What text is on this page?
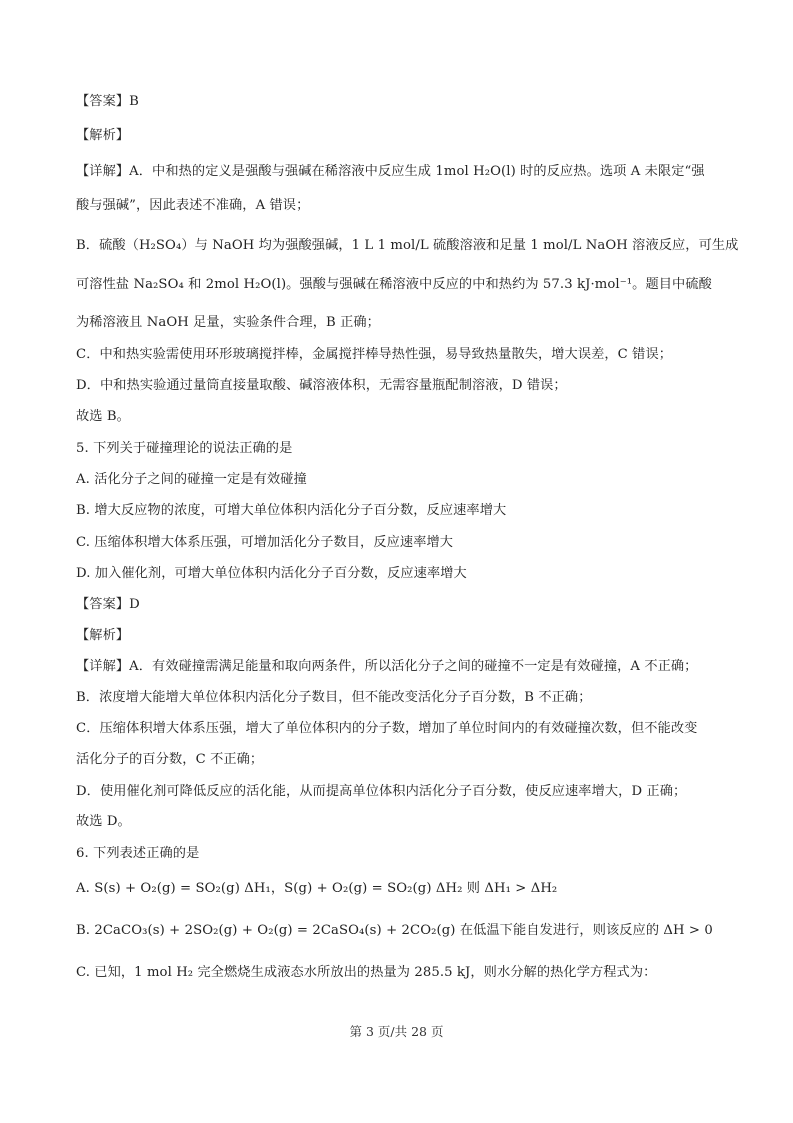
【答案】B
【解析】
【详解】A．中和热的定义是强酸与强碱在稀溶液中反应生成 1mol H₂O(l) 时的反应热。选项 A 未限定“强
酸与强碱”，因此表述不准确，A 错误；
B．硫酸（H₂SO₄）与 NaOH 均为强酸强碱，1 L 1 mol/L 硫酸溶液和足量 1 mol/L NaOH 溶液反应，可生成
可溶性盐 Na₂SO₄ 和 2mol H₂O(l)。强酸与强碱在稀溶液中反应的中和热约为 57.3 kJ·mol⁻¹。题目中硫酸
为稀溶液且 NaOH 足量，实验条件合理，B 正确；
C．中和热实验需使用环形玻璃搅拌棒，金属搅拌棒导热性强，易导致热量散失，增大误差，C 错误；
D．中和热实验通过量筒直接量取酸、碱溶液体积，无需容量瓶配制溶液，D 错误；
故选 B。
5. 下列关于碰撞理论的说法正确的是
A. 活化分子之间的碰撞一定是有效碰撞
B. 增大反应物的浓度，可增大单位体积内活化分子百分数，反应速率增大
C. 压缩体积增大体系压强，可增加活化分子数目，反应速率增大
D. 加入催化剂，可增大单位体积内活化分子百分数，反应速率增大
【答案】D
【解析】
【详解】A．有效碰撞需满足能量和取向两条件，所以活化分子之间的碰撞不一定是有效碰撞，A 不正确；
B．浓度增大能增大单位体积内活化分子数目，但不能改变活化分子百分数，B 不正确；
C．压缩体积增大体系压强，增大了单位体积内的分子数，增加了单位时间内的有效碰撞次数，但不能改变
活化分子的百分数，C 不正确；
D．使用催化剂可降低反应的活化能，从而提高单位体积内活化分子百分数，使反应速率增大，D 正确；
故选 D。
6. 下列表述正确的是
A. S(s) + O₂(g) = SO₂(g) ΔH₁，S(g) + O₂(g) = SO₂(g) ΔH₂ 则 ΔH₁ > ΔH₂
B. 2CaCO₃(s) + 2SO₂(g) + O₂(g) = 2CaSO₄(s) + 2CO₂(g) 在低温下能自发进行，则该反应的 ΔH > 0
C. 已知，1 mol H₂ 完全燃烧生成液态水所放出的热量为 285.5 kJ，则水分解的热化学方程式为：
第 3 页/共 28 页
